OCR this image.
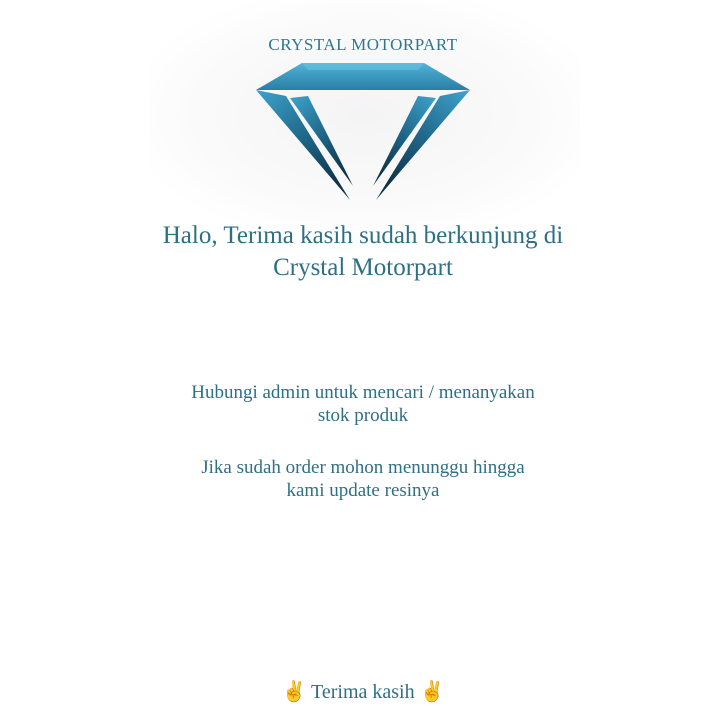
CRYSTAL MOTORPART
Halo, Terima kasih sudah berkunjung di
Crystal Motorpart
Hubungi admin untuk mencari / menanyakan
stok produk
Jika sudah order mohon menunggu hingga
kami update resinya
✌ Terima kasih ✌
